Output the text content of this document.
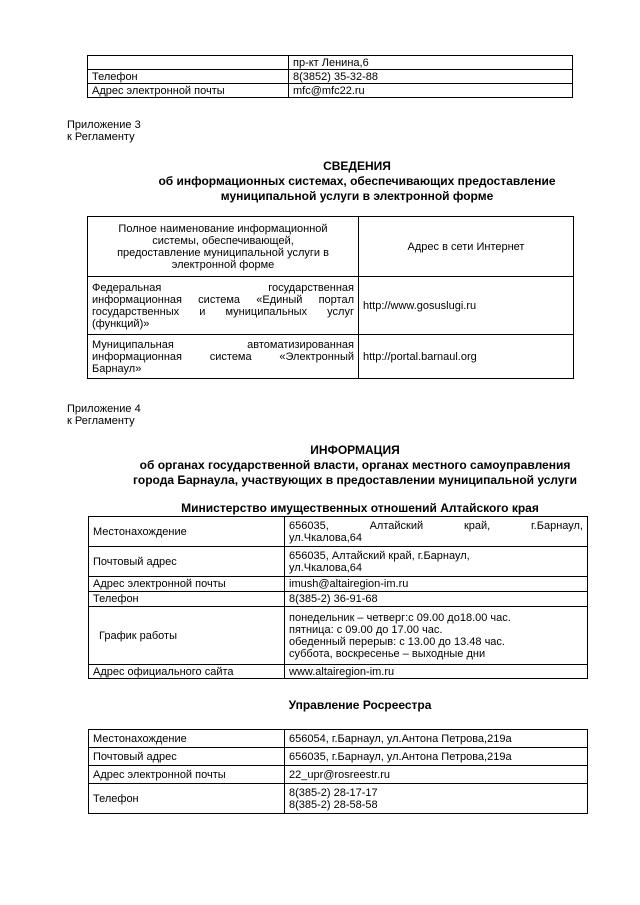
	пр-кт Ленина,6
Телефон	8(3852) 35-32-88
Адрес электронной почты	mfc@mfc22.ru
Приложение 3
к Регламенту
СВЕДЕНИЯ
об информационных системах, обеспечивающих предоставление
муниципальной услуги в электронной форме
Полное наименование информационной
системы, обеспечивающей,
предоставление муниципальной услуги в
электронной форме	Адрес в сети Интернет

Федеральная государственная
информационная система «Единый портал
государственных и муниципальных услуг
(функций)»	http://www.gosuslugi.ru

Муниципальная автоматизированная
информационная система «Электронный
Барнаул»	http://portal.barnaul.org
Приложение 4
к Регламенту
ИНФОРМАЦИЯ
об органах государственной власти, органах местного самоуправления
города Барнаула, участвующих в предоставлении муниципальной услуги
Министерство имущественных отношений Алтайского края
Местонахождение	656035, Алтайский край, г.Барнаул,
ул.Чкалова,64

Почтовый адрес	656035, Алтайский край, г.Барнаул,
ул.Чкалова,64

Адрес электронной почты	imush@altairegion-im.ru
Телефон	8(385-2) 36-91-68
График работы	понедельник – четверг:с 09.00 до18.00 час.
пятница: с 09.00 до 17.00 час.
обеденный перерыв: с 13.00 до 13.48 час.
суббота, воскресенье – выходные дни

Адрес официального сайта	www.altairegion-im.ru
Управление Росреестра
Местонахождение	656054, г.Барнаул, ул.Антона Петрова,219а
Почтовый адрес	656035, г.Барнаул, ул.Антона Петрова,219а
Адрес электронной почты	22_upr@rosreestr.ru
Телефон	8(385-2) 28-17-17
8(385-2) 28-58-58
